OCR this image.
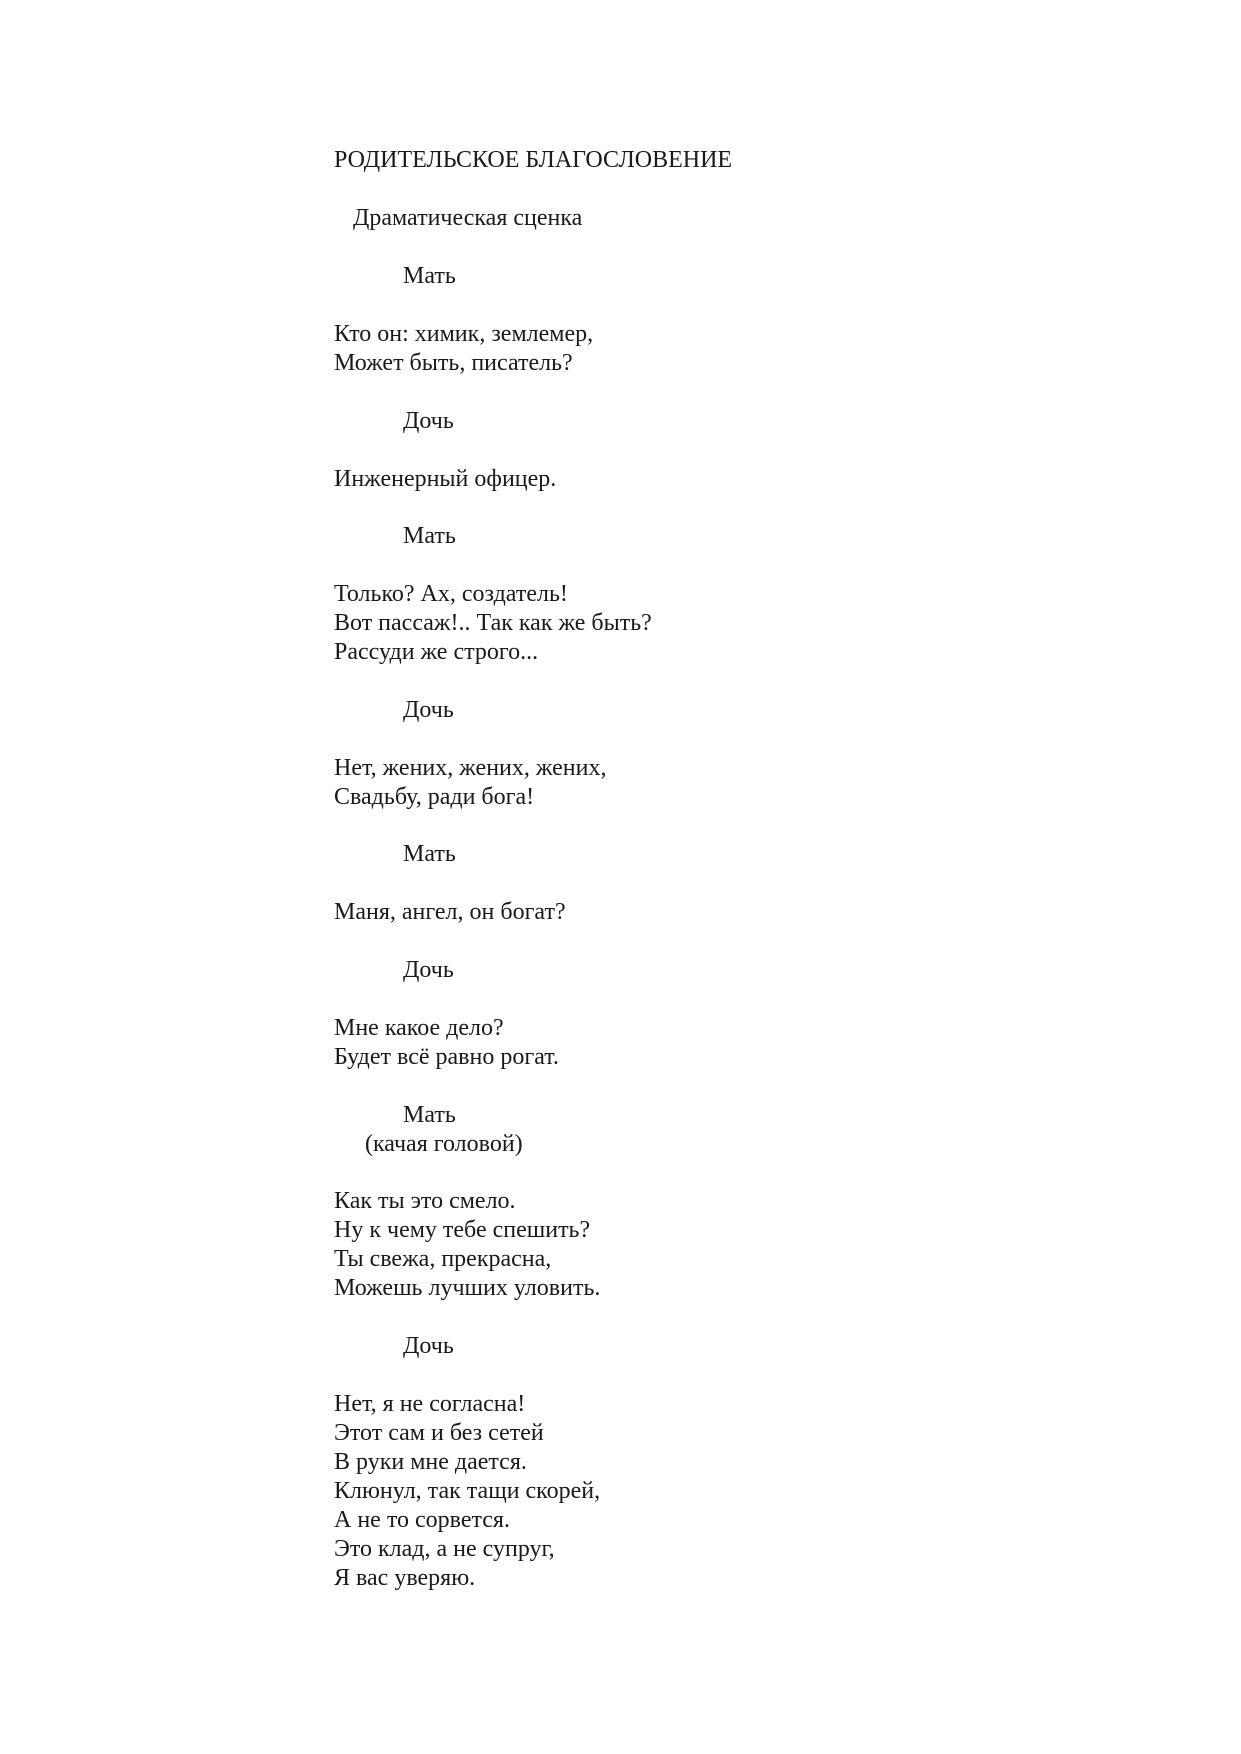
РОДИТЕЛЬСКОЕ БЛАГОСЛОВЕНИЕ

Драматическая сценка

Мать

Кто он: химик, землемер,

Может быть, писатель?

Дочь

Инженерный офицер.

Мать

Только? Ах, создатель!

Вот пассаж!.. Так как же быть?

Рассуди же строго...

Дочь

Нет, жених, жених, жених,

Свадьбу, ради бога!

Мать

Маня, ангел, он богат?

Дочь

Мне какое дело?

Будет всё равно рогат.

Мать

(качая головой)

Как ты это смело.

Ну к чему тебе спешить?

Ты свежа, прекрасна,

Можешь лучших уловить.

Дочь

Нет, я не согласна!

Этот сам и без сетей

В руки мне дается.

Клюнул, так тащи скорей,

А не то сорвется.

Это клад, а не супруг,

Я вас уверяю.
